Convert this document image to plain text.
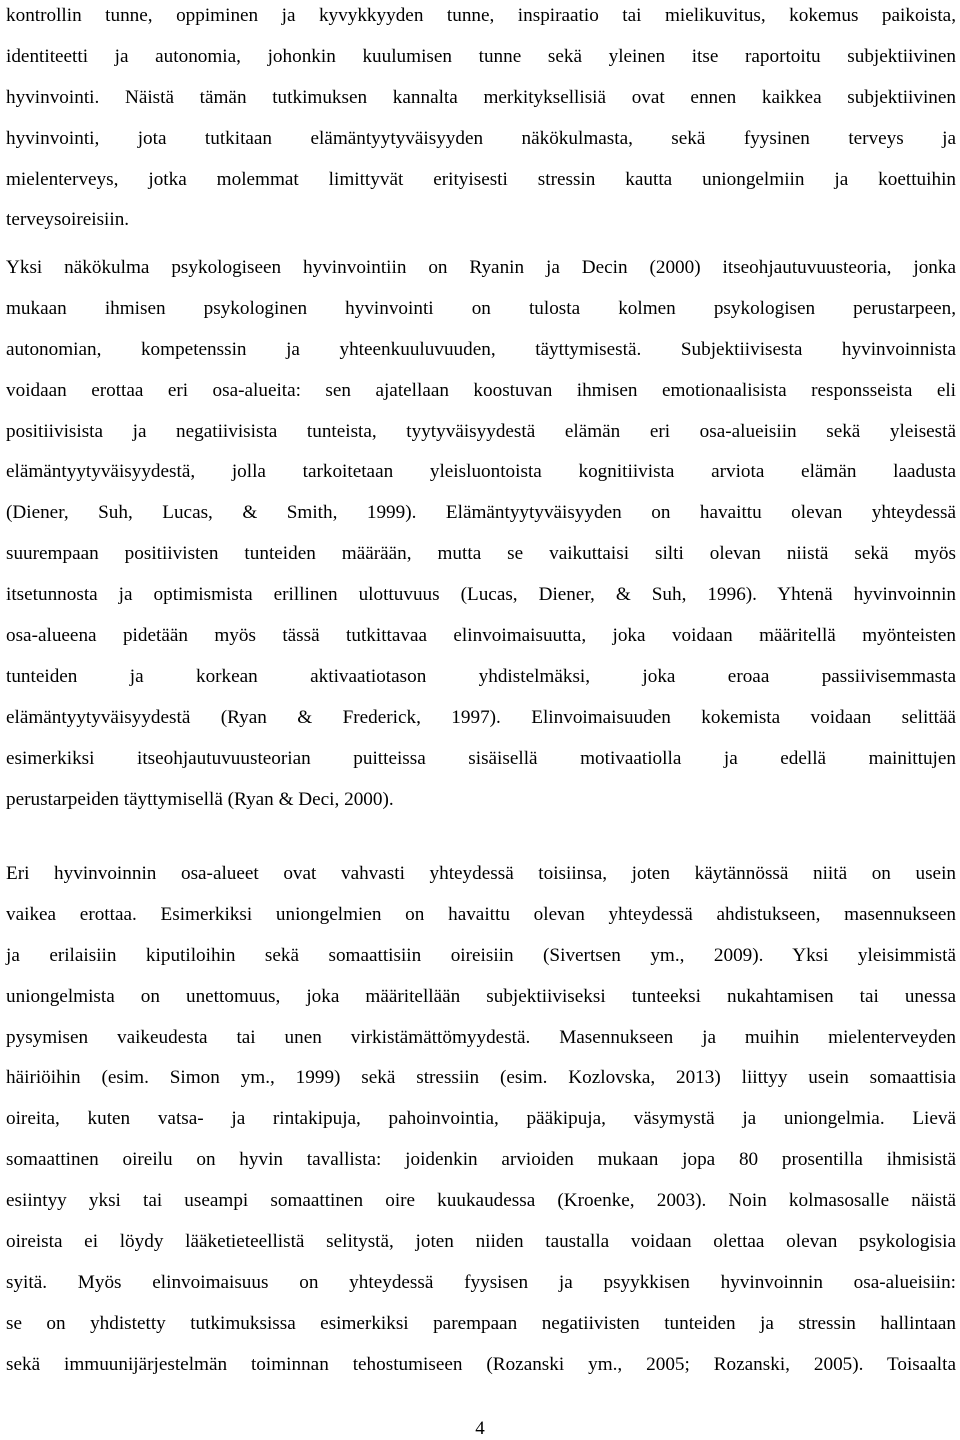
kontrollin tunne, oppiminen ja kyvykkyyden tunne, inspiraatio tai mielikuvitus, kokemus paikoista,
identiteetti ja autonomia, johonkin kuulumisen tunne sekä yleinen itse raportoitu subjektiivinen
hyvinvointi. Näistä tämän tutkimuksen kannalta merkityksellisiä ovat ennen kaikkea subjektiivinen
hyvinvointi, jota tutkitaan elämäntyytyväisyyden näkökulmasta, sekä fyysinen terveys ja
mielenterveys, jotka molemmat limittyvät erityisesti stressin kautta uniongelmiin ja koettuihin
terveysoireisiin.
Yksi näkökulma psykologiseen hyvinvointiin on Ryanin ja Decin (2000) itseohjautuvuusteoria, jonka
mukaan ihmisen psykologinen hyvinvointi on tulosta kolmen psykologisen perustarpeen,
autonomian, kompetenssin ja yhteenkuuluvuuden, täyttymisestä. Subjektiivisesta hyvinvoinnista
voidaan erottaa eri osa-alueita: sen ajatellaan koostuvan ihmisen emotionaalisista responsseista eli
positiivisista ja negatiivisista tunteista, tyytyväisyydestä elämän eri osa-alueisiin sekä yleisestä
elämäntyytyväisyydestä, jolla tarkoitetaan yleisluontoista kognitiivista arviota elämän laadusta
(Diener, Suh, Lucas, & Smith, 1999). Elämäntyytyväisyyden on havaittu olevan yhteydessä
suurempaan positiivisten tunteiden määrään, mutta se vaikuttaisi silti olevan niistä sekä myös
itsetunnosta ja optimismista erillinen ulottuvuus (Lucas, Diener, & Suh, 1996). Yhtenä hyvinvoinnin
osa-alueena pidetään myös tässä tutkittavaa elinvoimaisuutta, joka voidaan määritellä myönteisten
tunteiden ja korkean aktivaatiotason yhdistelmäksi, joka eroaa passiivisemmasta
elämäntyytyväisyydestä (Ryan & Frederick, 1997). Elinvoimaisuuden kokemista voidaan selittää
esimerkiksi itseohjautuvuusteorian puitteissa sisäisellä motivaatiolla ja edellä mainittujen
perustarpeiden täyttymisellä (Ryan & Deci, 2000).
Eri hyvinvoinnin osa-alueet ovat vahvasti yhteydessä toisiinsa, joten käytännössä niitä on usein
vaikea erottaa. Esimerkiksi uniongelmien on havaittu olevan yhteydessä ahdistukseen, masennukseen
ja erilaisiin kiputiloihin sekä somaattisiin oireisiin (Sivertsen ym., 2009). Yksi yleisimmistä
uniongelmista on unettomuus, joka määritellään subjektiiviseksi tunteeksi nukahtamisen tai unessa
pysymisen vaikeudesta tai unen virkistämättömyydestä. Masennukseen ja muihin mielenterveyden
häiriöihin (esim. Simon ym., 1999) sekä stressiin (esim. Kozlovska, 2013) liittyy usein somaattisia
oireita, kuten vatsa- ja rintakipuja, pahoinvointia, pääkipuja, väsymystä ja uniongelmia. Lievä
somaattinen oireilu on hyvin tavallista: joidenkin arvioiden mukaan jopa 80 prosentilla ihmisistä
esiintyy yksi tai useampi somaattinen oire kuukaudessa (Kroenke, 2003). Noin kolmasosalle näistä
oireista ei löydy lääketieteellistä selitystä, joten niiden taustalla voidaan olettaa olevan psykologisia
syitä. Myös elinvoimaisuus on yhteydessä fyysisen ja psyykkisen hyvinvoinnin osa-alueisiin:
se on yhdistetty tutkimuksissa esimerkiksi parempaan negatiivisten tunteiden ja stressin hallintaan
sekä immuunijärjestelmän toiminnan tehostumiseen (Rozanski ym., 2005; Rozanski, 2005). Toisaalta
4
